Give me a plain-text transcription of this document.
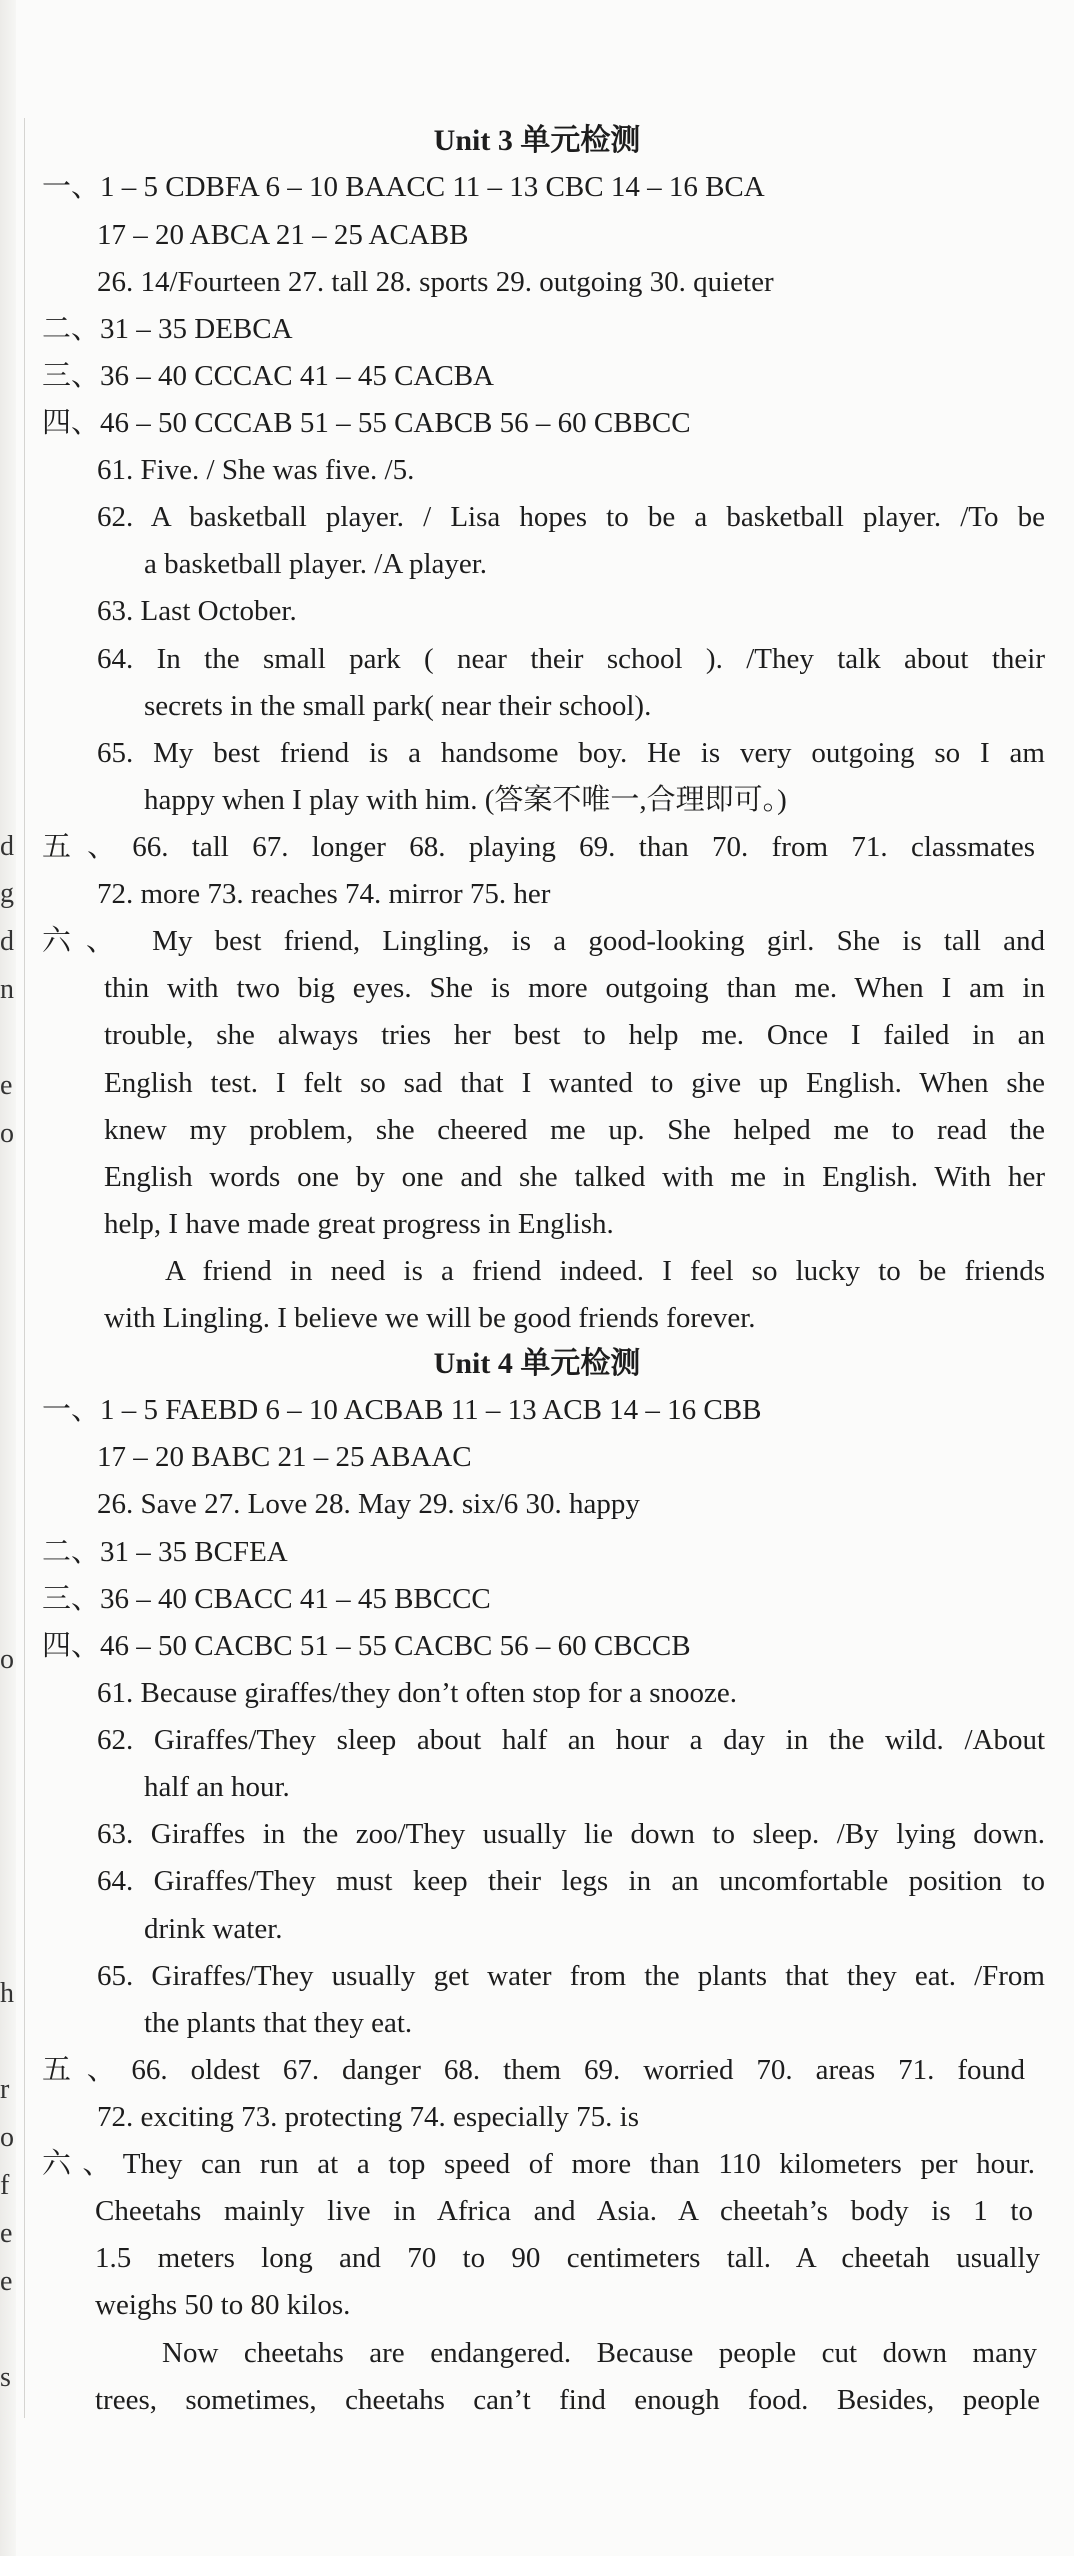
d
g
d
n
e
o
o
h
r
o
f
e
e
s
Unit 3 单元检测
一、1 – 5 CDBFA 6 – 10 BAACC 11 – 13 CBC 14 – 16 BCA
17 – 20 ABCA 21 – 25 ACABB
26. 14/Fourteen 27. tall 28. sports 29. outgoing 30. quieter
二、31 – 35 DEBCA
三、36 – 40 CCCAC 41 – 45 CACBA
四、46 – 50 CCCAB 51 – 55 CABCB 56 – 60 CBBCC
61. Five. / She was five. /5.
62. A basketball player. / Lisa hopes to be a basketball player. /To be
a basketball player. /A player.
63. Last October.
64. In the small park ( near their school ). /They talk about their
secrets in the small park( near their school).
65. My best friend is a handsome boy. He is very outgoing so I am
happy when I play with him. (答案不唯一,合理即可。)
五、66. tall 67. longer 68. playing 69. than 70. from 71. classmates
72. more 73. reaches 74. mirror 75. her
六、 My best friend, Lingling, is a good-looking girl. She is tall and
thin with two big eyes. She is more outgoing than me. When I am in
trouble, she always tries her best to help me. Once I failed in an
English test. I felt so sad that I wanted to give up English. When she
knew my problem, she cheered me up. She helped me to read the
English words one by one and she talked with me in English. With her
help, I have made great progress in English.
A friend in need is a friend indeed. I feel so lucky to be friends
with Lingling. I believe we will be good friends forever.
Unit 4 单元检测
一、1 – 5 FAEBD 6 – 10 ACBAB 11 – 13 ACB 14 – 16 CBB
17 – 20 BABC 21 – 25 ABAAC
26. Save 27. Love 28. May 29. six/6 30. happy
二、31 – 35 BCFEA
三、36 – 40 CBACC 41 – 45 BBCCC
四、46 – 50 CACBC 51 – 55 CACBC 56 – 60 CBCCB
61. Because giraffes/they don’t often stop for a snooze.
62. Giraffes/They sleep about half an hour a day in the wild. /About
half an hour.
63. Giraffes in the zoo/They usually lie down to sleep. /By lying down.
64. Giraffes/They must keep their legs in an uncomfortable position to
drink water.
65. Giraffes/They usually get water from the plants that they eat. /From
the plants that they eat.
五、66. oldest 67. danger 68. them 69. worried 70. areas 71. found
72. exciting 73. protecting 74. especially 75. is
六、They can run at a top speed of more than 110 kilometers per hour.
Cheetahs mainly live in Africa and Asia. A cheetah’s body is 1 to
1.5 meters long and 70 to 90 centimeters tall. A cheetah usually
weighs 50 to 80 kilos.
Now cheetahs are endangered. Because people cut down many
trees, sometimes, cheetahs can’t find enough food. Besides, people
